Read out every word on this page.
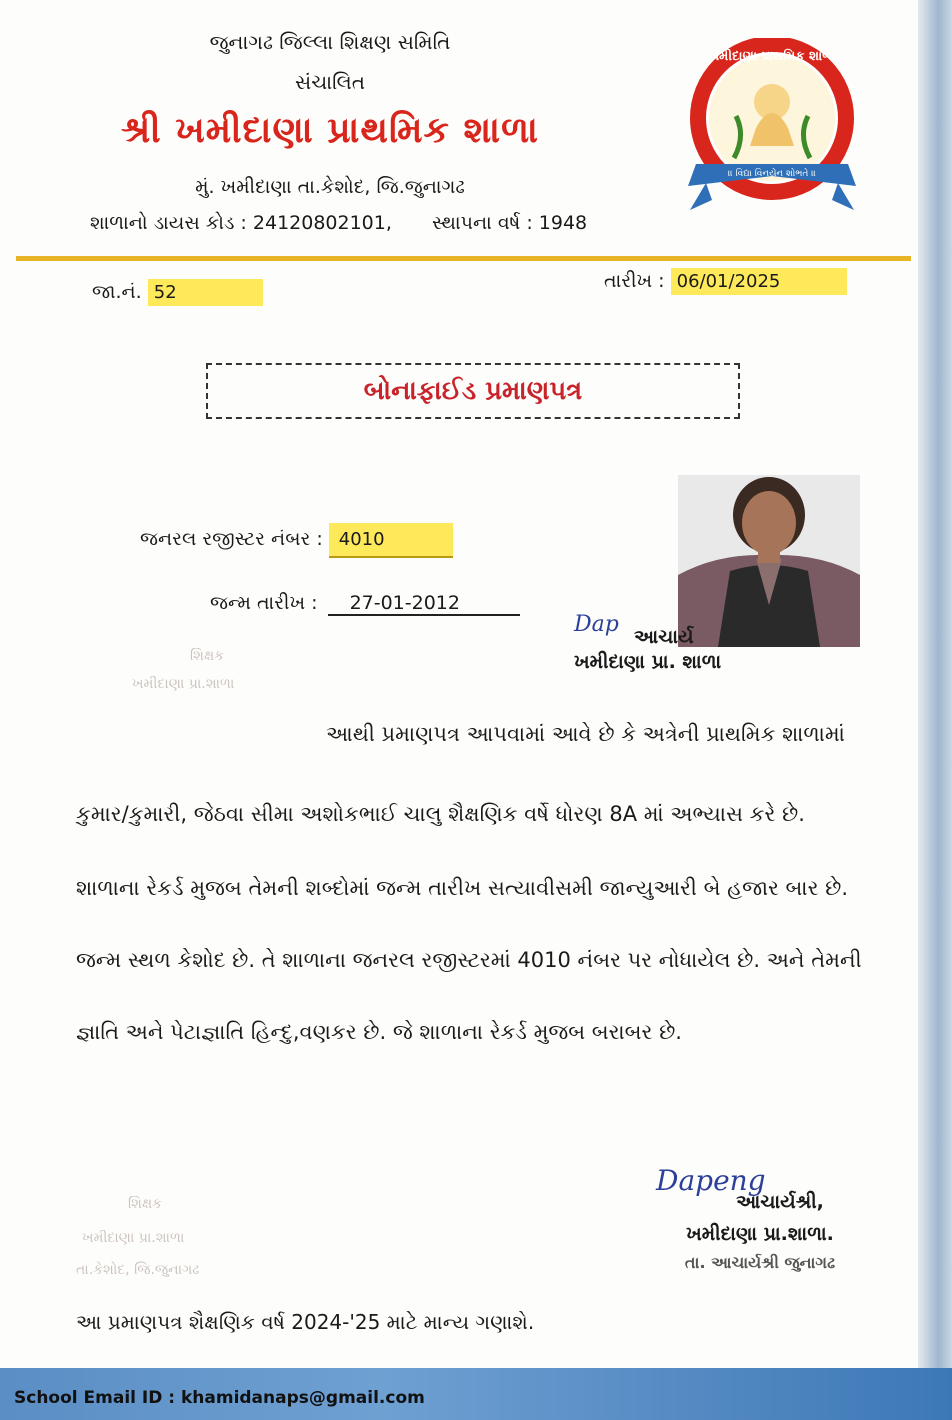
જુનાગઢ જિલ્લા શિક્ષણ સમિતિ
સંચાલિત
શ્રી ખમીદાણા પ્રાથમિક શાળા
મું. ખમીદાણા તા.કેશોદ, જિ.જુનાગઢ
શાળાનો ડાયસ કોડ : 24120802101, સ્થાપના વર્ષ : 1948
॥ વિદ્યા વિનયેન શોભતે ॥
ખમીદાણા પ્રાથમિક શાળા
જા.નં. 52
તારીખ : 06/01/2025
બોનાફાઈડ પ્રમાણપત્ર
જનરલ રજીસ્ટર નંબર : 4010
જન્મ તારીખ : 27-01-2012
Dap આચાર્ય
ખમીદાણા પ્રા. શાળા
શિક્ષક
ખમીદાણા પ્રા.શાળા
આથી પ્રમાણપત્ર આપવામાં આવે છે કે અત્રેની પ્રાથમિક શાળામાં
કુમાર/કુમારી, જેઠવા સીમા અશોકભાઈ ચાલુ શૈક્ષણિક વર્ષે ધોરણ 8A માં અભ્યાસ કરે છે.
શાળાના રેકર્ડ મુજબ તેમની શબ્દોમાં જન્મ તારીખ સત્યાવીસમી જાન્યુઆરી બે હજાર બાર છે.
જન્મ સ્થળ કેશોદ છે. તે શાળાના જનરલ રજીસ્ટરમાં 4010 નંબર પર નોધાયેલ છે. અને તેમની
જ્ઞાતિ અને પેટાજ્ઞાતિ હિન્દુ,વણકર છે. જે શાળાના રેકર્ડ મુજબ બરાબર છે.
શિક્ષક
ખમીદાણા પ્રા.શાળા
તા.કેશોદ, જિ.જુનાગઢ
Dapeng
આચાર્યશ્રી,
ખમીદાણા પ્રા.શાળા.
તા. આચાર્યશ્રી જુનાગઢ
આ પ્રમાણપત્ર શૈક્ષણિક વર્ષ 2024-'25 માટે માન્ય ગણાશે.
School Email ID : khamidanaps@gmail.com
